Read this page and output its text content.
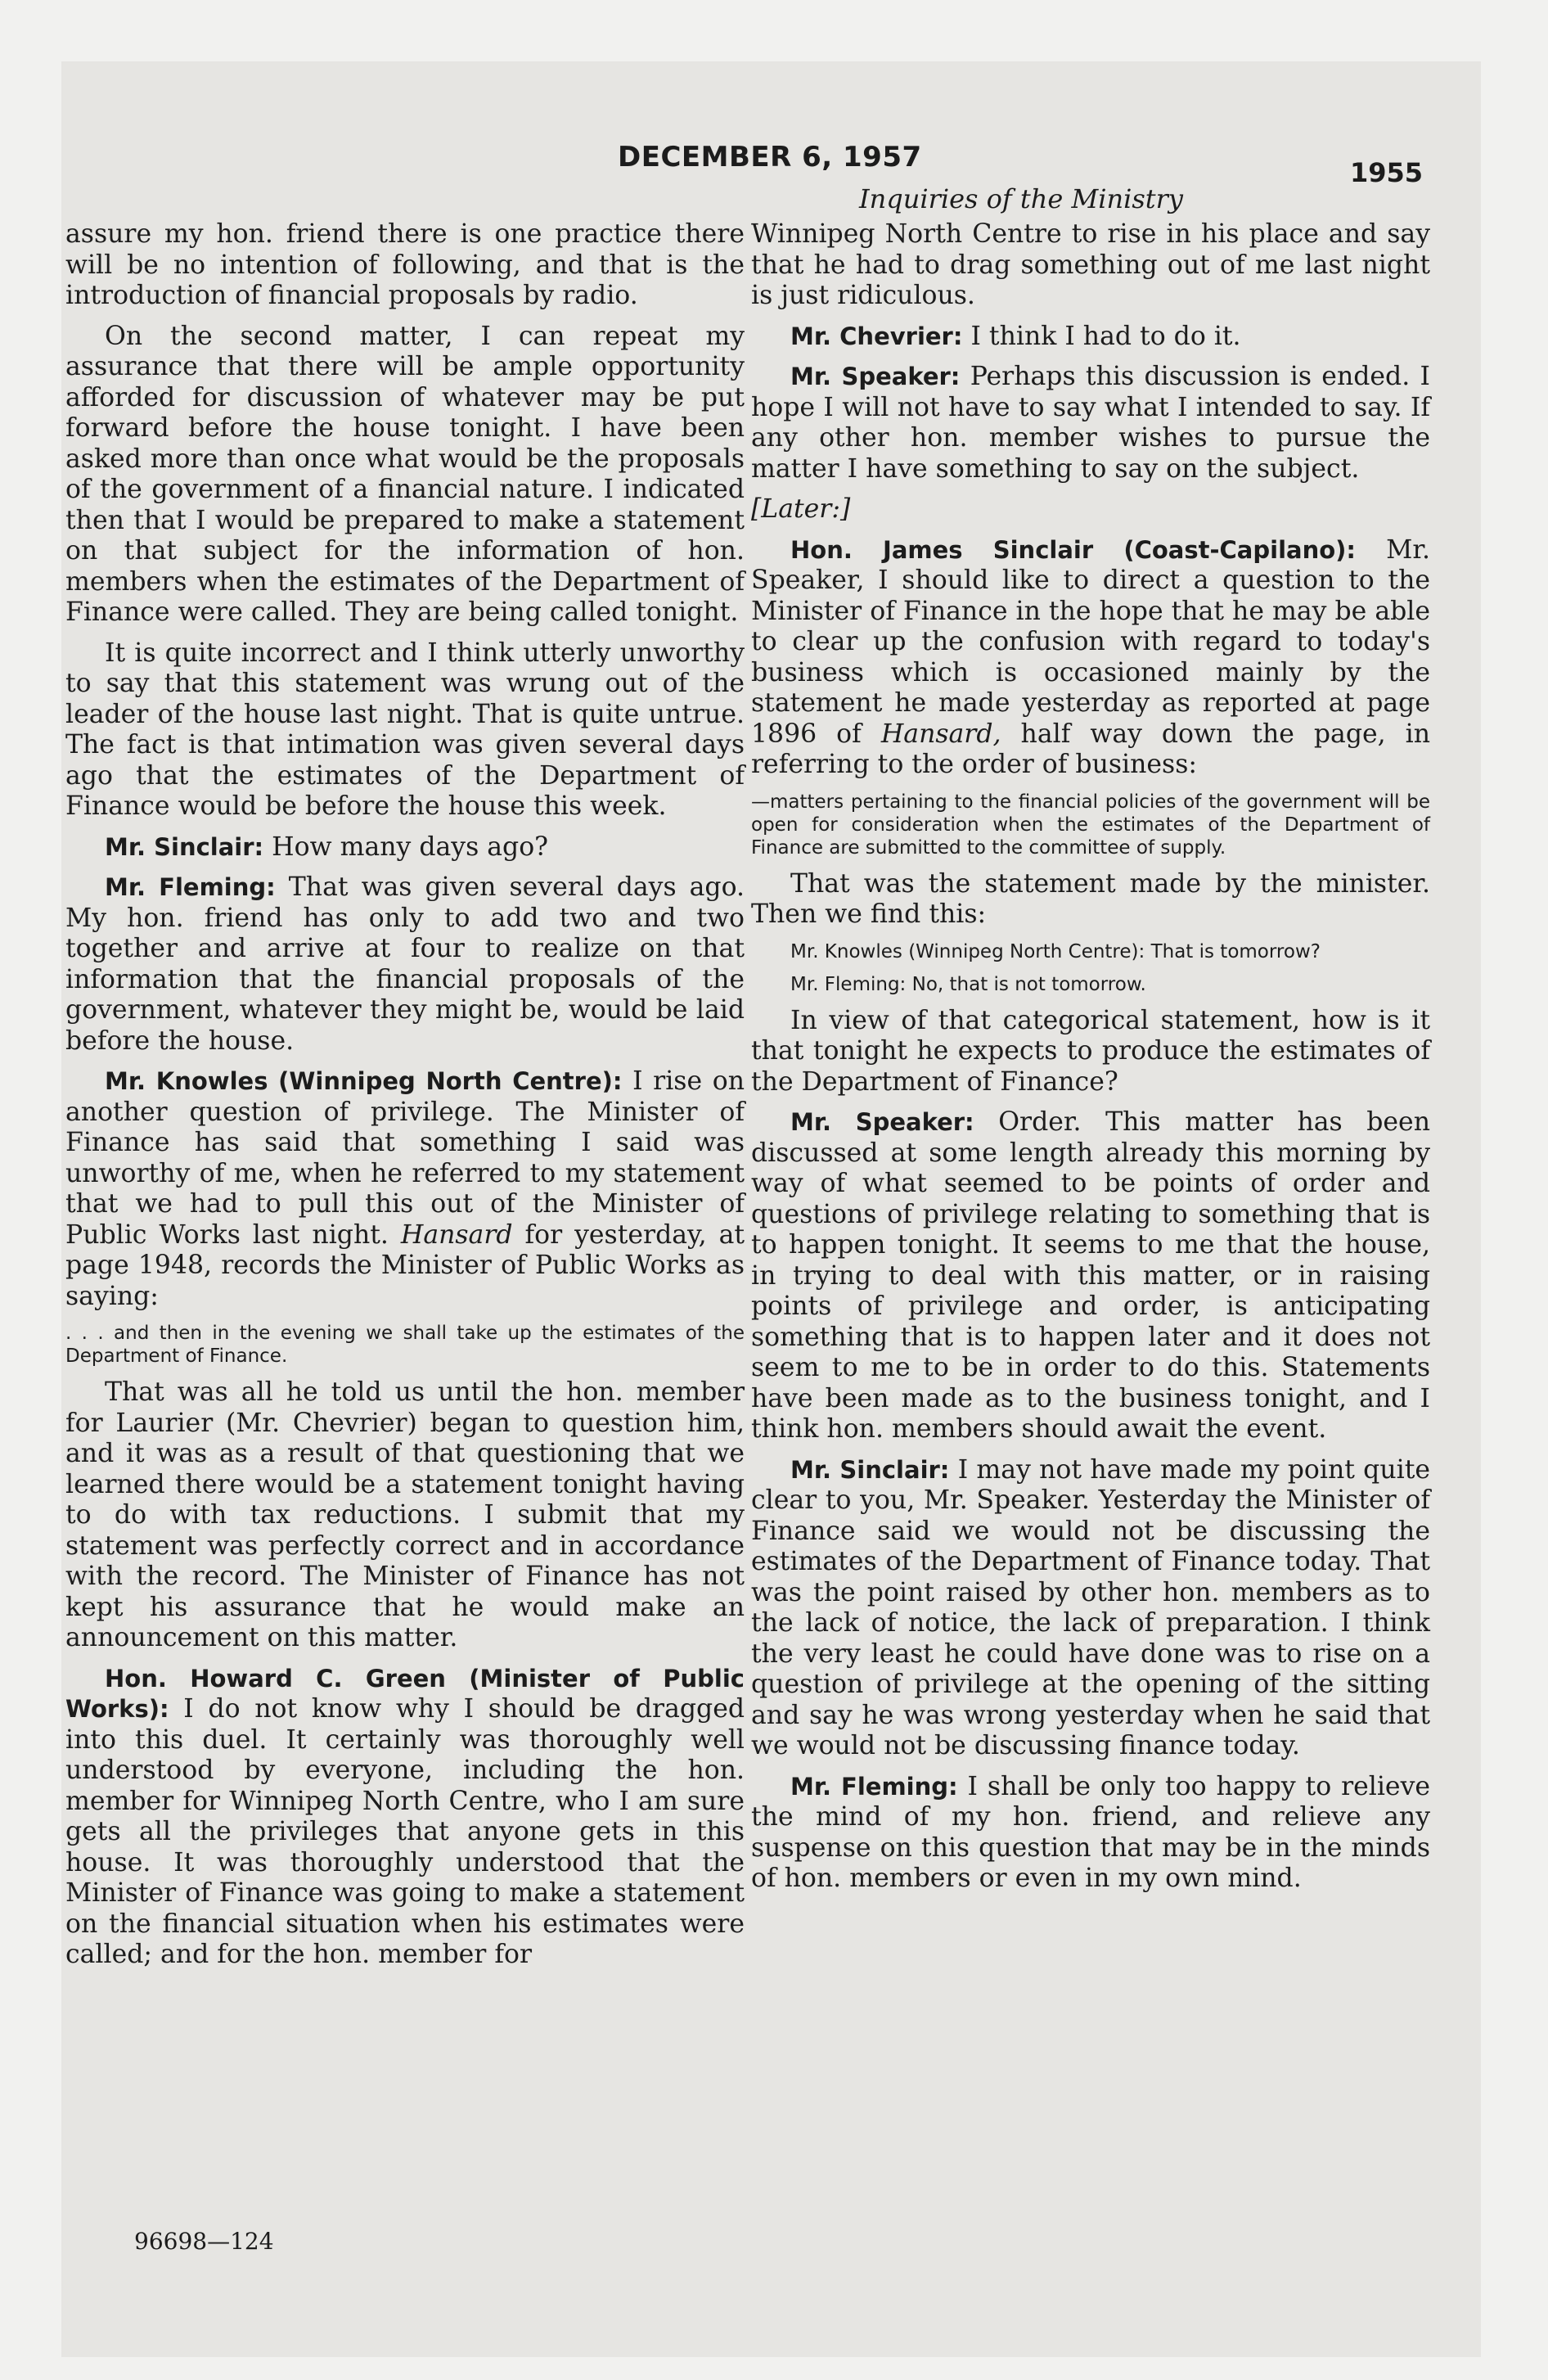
DECEMBER 6, 1957	1955
Inquiries of the Ministry

assure my hon. friend there is one practice there will be no intention of following, and that is the introduction of financial proposals by radio.

On the second matter, I can repeat my assurance that there will be ample opportunity afforded for discussion of whatever may be put forward before the house tonight. I have been asked more than once what would be the proposals of the government of a financial nature. I indicated then that I would be prepared to make a statement on that subject for the information of hon. members when the estimates of the Department of Finance were called. They are being called tonight.

It is quite incorrect and I think utterly unworthy to say that this statement was wrung out of the leader of the house last night. That is quite untrue. The fact is that intimation was given several days ago that the estimates of the Department of Finance would be before the house this week.

Mr. Sinclair: How many days ago?

Mr. Fleming: That was given several days ago. My hon. friend has only to add two and two together and arrive at four to realize on that information that the financial proposals of the government, whatever they might be, would be laid before the house.

Mr. Knowles (Winnipeg North Centre): I rise on another question of privilege. The Minister of Finance has said that something I said was unworthy of me, when he referred to my statement that we had to pull this out of the Minister of Public Works last night. Hansard for yesterday, at page 1948, records the Minister of Public Works as saying:

. . . and then in the evening we shall take up the estimates of the Department of Finance.

That was all he told us until the hon. member for Laurier (Mr. Chevrier) began to question him, and it was as a result of that questioning that we learned there would be a statement tonight having to do with tax reductions. I submit that my statement was perfectly correct and in accordance with the record. The Minister of Finance has not kept his assurance that he would make an announcement on this matter.

Hon. Howard C. Green (Minister of Public Works): I do not know why I should be dragged into this duel. It certainly was thoroughly well understood by everyone, including the hon. member for Winnipeg North Centre, who I am sure gets all the privileges that anyone gets in this house. It was thoroughly understood that the Minister of Finance was going to make a statement on the financial situation when his estimates were called; and for the hon. member for

Winnipeg North Centre to rise in his place and say that he had to drag something out of me last night is just ridiculous.

Mr. Chevrier: I think I had to do it.

Mr. Speaker: Perhaps this discussion is ended. I hope I will not have to say what I intended to say. If any other hon. member wishes to pursue the matter I have something to say on the subject.

[Later:]

Hon. James Sinclair (Coast-Capilano): Mr. Speaker, I should like to direct a question to the Minister of Finance in the hope that he may be able to clear up the confusion with regard to today's business which is occasioned mainly by the statement he made yesterday as reported at page 1896 of Hansard, half way down the page, in referring to the order of business:

—matters pertaining to the financial policies of the government will be open for consideration when the estimates of the Department of Finance are submitted to the committee of supply.

That was the statement made by the minister. Then we find this:

Mr. Knowles (Winnipeg North Centre): That is tomorrow?

Mr. Fleming: No, that is not tomorrow.

In view of that categorical statement, how is it that tonight he expects to produce the estimates of the Department of Finance?

Mr. Speaker: Order. This matter has been discussed at some length already this morning by way of what seemed to be points of order and questions of privilege relating to something that is to happen tonight. It seems to me that the house, in trying to deal with this matter, or in raising points of privilege and order, is anticipating something that is to happen later and it does not seem to me to be in order to do this. Statements have been made as to the business tonight, and I think hon. members should await the event.

Mr. Sinclair: I may not have made my point quite clear to you, Mr. Speaker. Yesterday the Minister of Finance said we would not be discussing the estimates of the Department of Finance today. That was the point raised by other hon. members as to the lack of notice, the lack of preparation. I think the very least he could have done was to rise on a question of privilege at the opening of the sitting and say he was wrong yesterday when he said that we would not be discussing finance today.

Mr. Fleming: I shall be only too happy to relieve the mind of my hon. friend, and relieve any suspense on this question that may be in the minds of hon. members or even in my own mind.

96698—124
